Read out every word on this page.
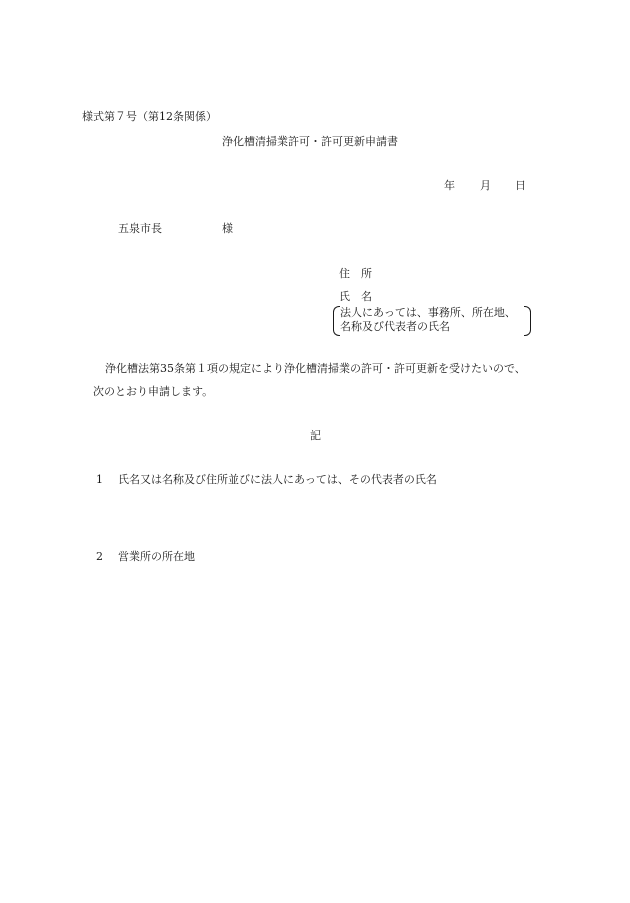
様式第７号（第12条関係）
浄化槽清掃業許可・許可更新申請書
年 月 日
五泉市長	様
住　所
氏　名
法人にあっては、事務所、所在地、
名称及び代表者の氏名
浄化槽法第35条第１項の規定により浄化槽清掃業の許可・許可更新を受けたいので、
次のとおり申請します。
記
1 氏名又は名称及び住所並びに法人にあっては、その代表者の氏名
2 営業所の所在地
